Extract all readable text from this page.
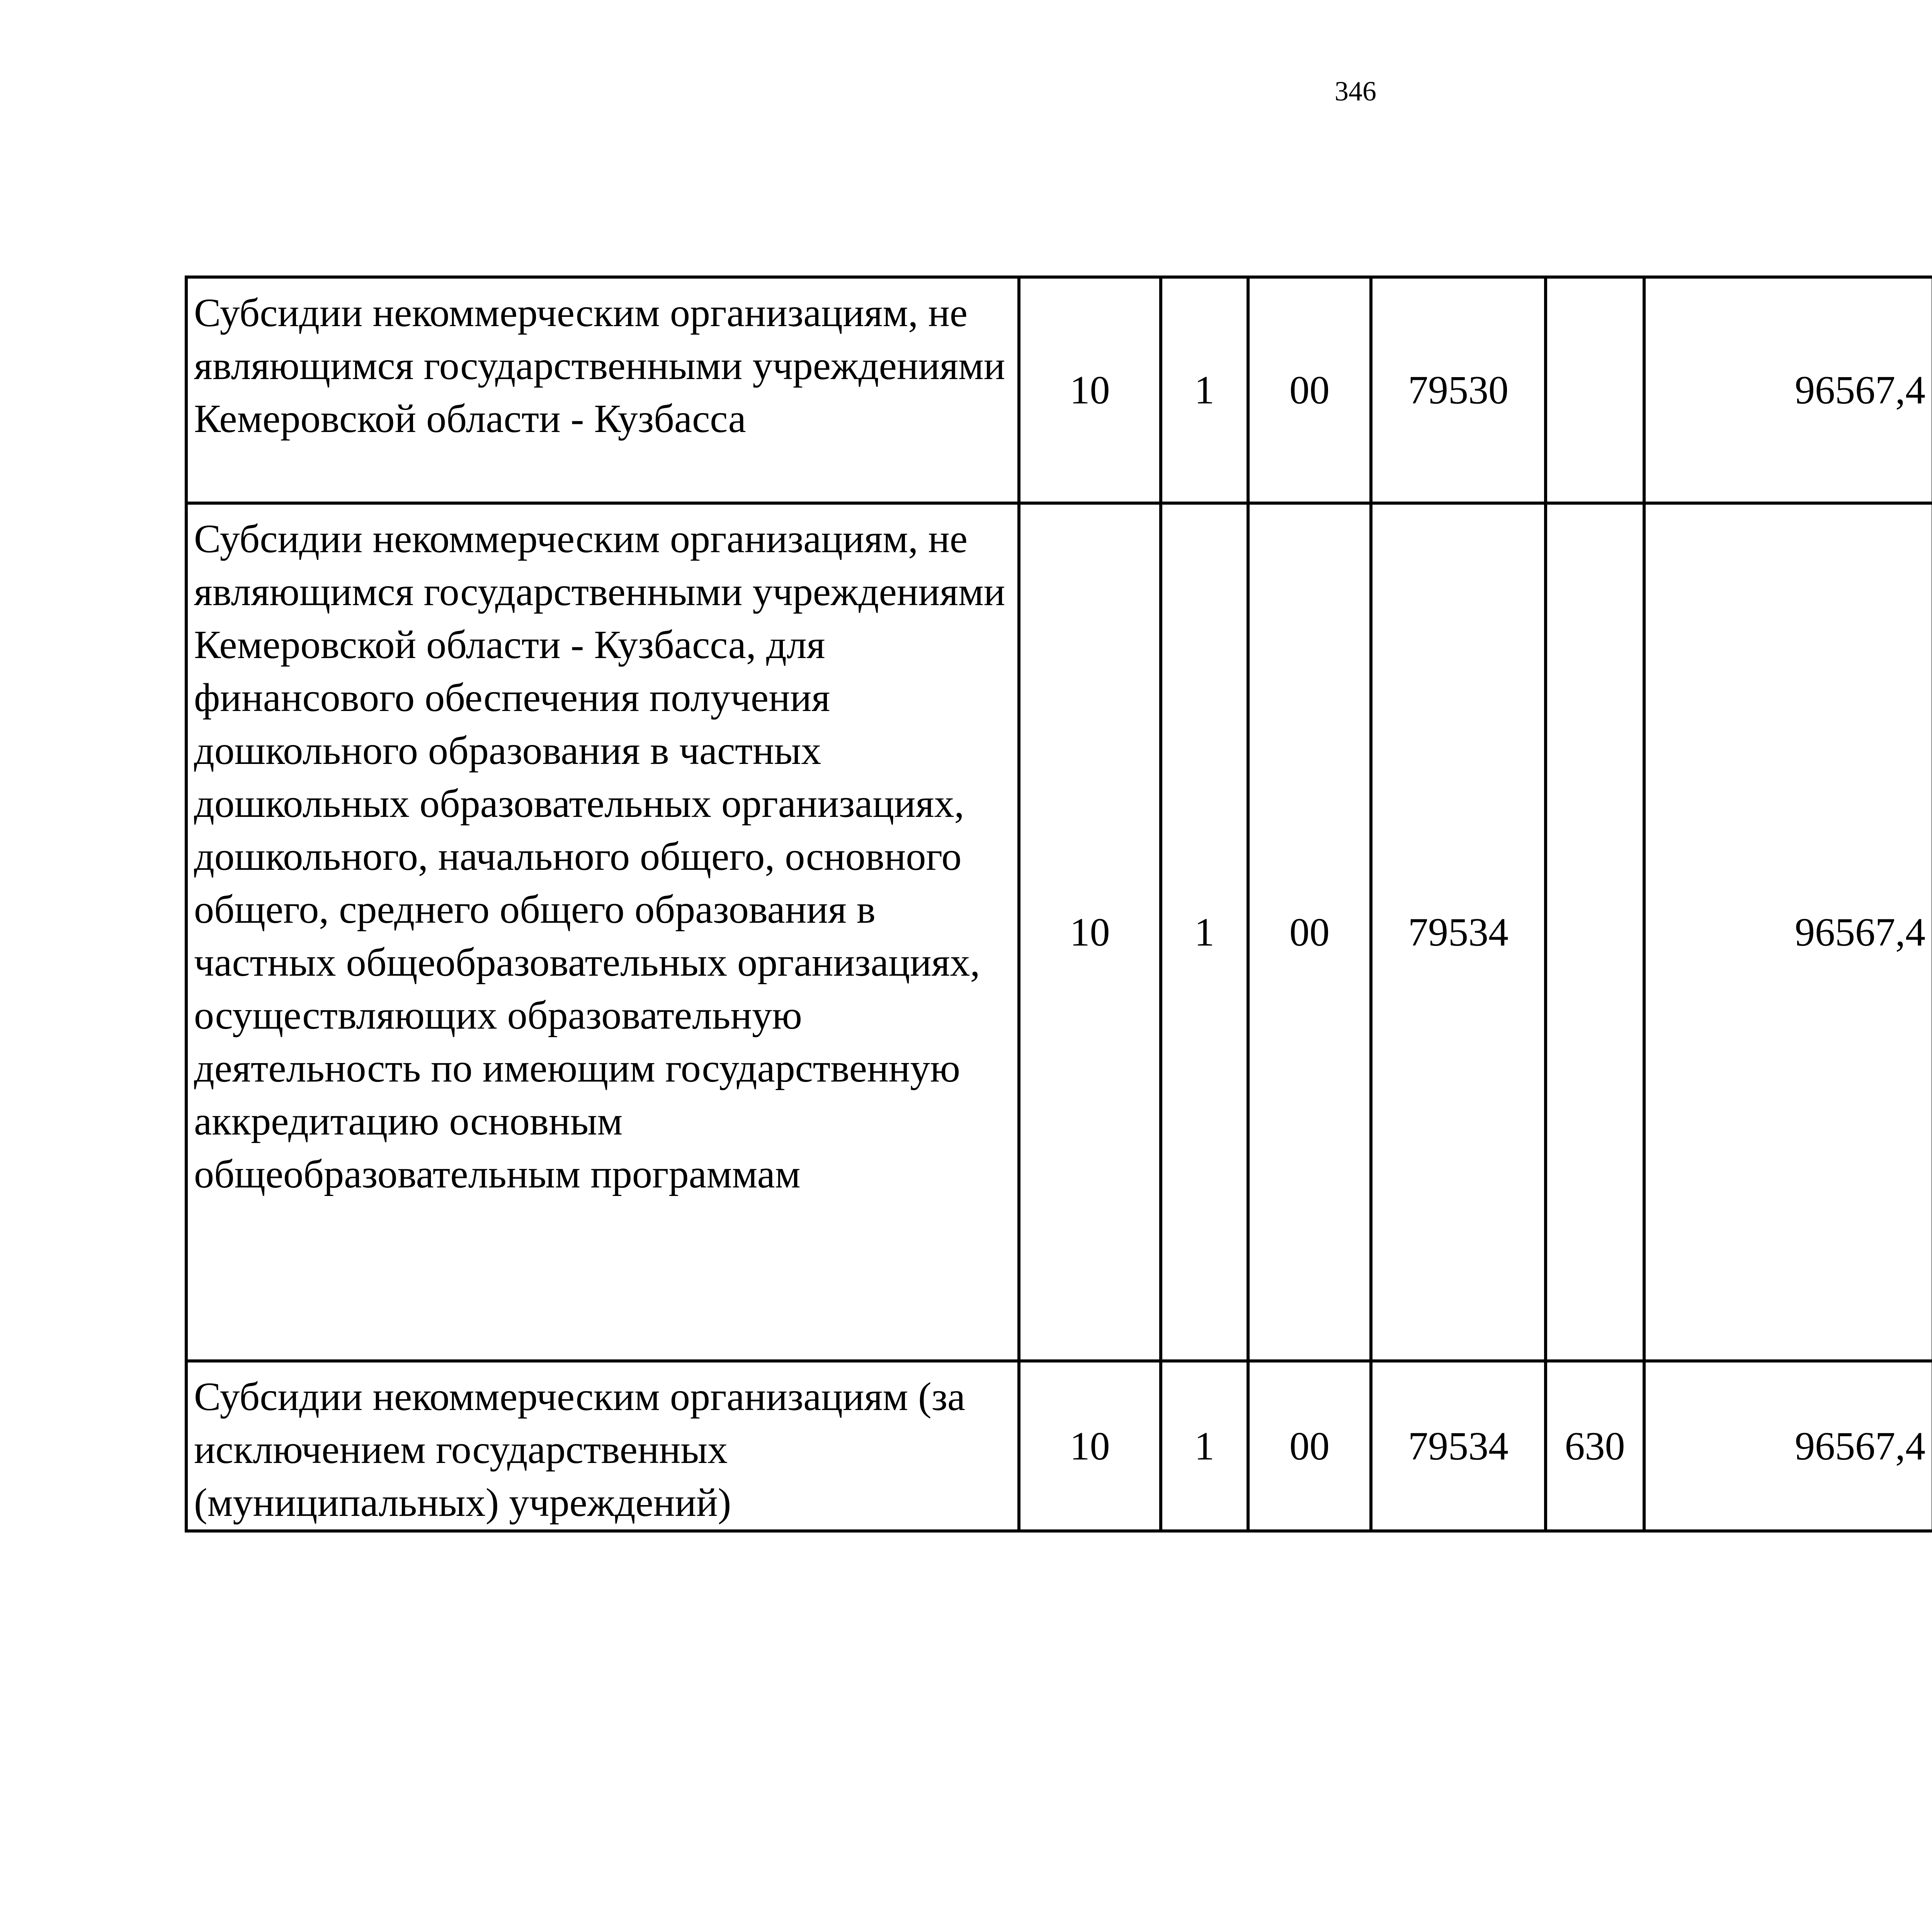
346
Субсидии некоммерческим организациям, не являющимся государственными учреждениями Кемеровской области - Кузбасса	10	1	00	79530		96567,4		
Субсидии некоммерческим организациям, не являющимся государственными учреждениями Кемеровской области - Кузбасса, для финансового обеспечения получения дошкольного образования в частных дошкольных образовательных организациях, дошкольного, начального общего, основного общего, среднего общего образования в частных общеобразовательных организациях, осуществляющих образовательную деятельность по имеющим государственную аккредитацию основным общеобразовательным программам	10	1	00	79534		96567,4		
Субсидии некоммерческим организациям (за исключением государственных (муниципальных) учреждений)	10	1	00	79534	630	96567,4		
